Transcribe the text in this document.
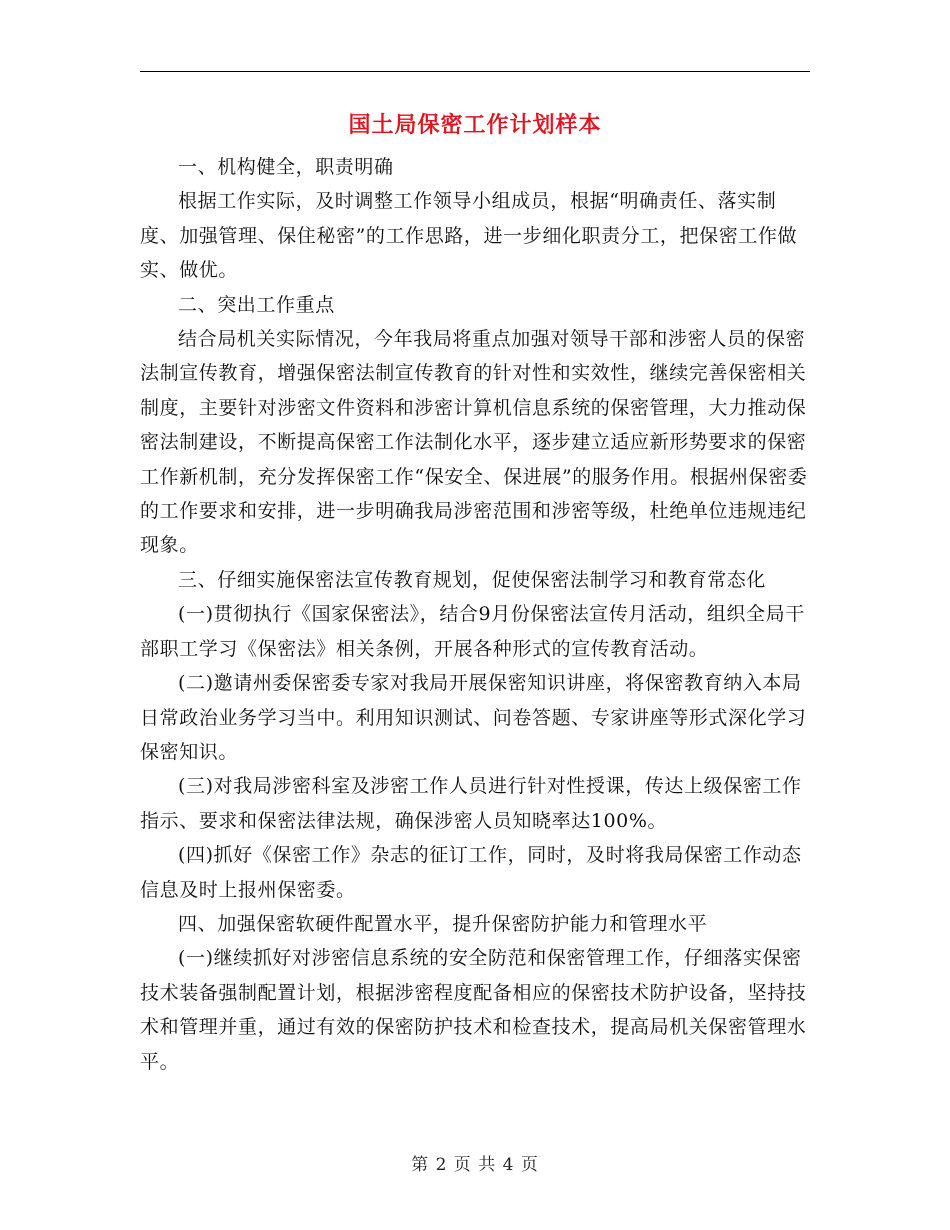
国土局保密工作计划样本

一、机构健全，职责明确

根据工作实际，及时调整工作领导小组成员，根据“明确责任、落实制度、加强管理、保住秘密”的工作思路，进一步细化职责分工，把保密工作做实、做优。

二、突出工作重点

结合局机关实际情况，今年我局将重点加强对领导干部和涉密人员的保密法制宣传教育，增强保密法制宣传教育的针对性和实效性，继续完善保密相关制度，主要针对涉密文件资料和涉密计算机信息系统的保密管理，大力推动保密法制建设，不断提高保密工作法制化水平，逐步建立适应新形势要求的保密工作新机制，充分发挥保密工作“保安全、保进展”的服务作用。根据州保密委的工作要求和安排，进一步明确我局涉密范围和涉密等级，杜绝单位违规违纪现象。

三、仔细实施保密法宣传教育规划，促使保密法制学习和教育常态化

(一)贯彻执行《国家保密法》，结合9月份保密法宣传月活动，组织全局干部职工学习《保密法》相关条例，开展各种形式的宣传教育活动。

(二)邀请州委保密委专家对我局开展保密知识讲座，将保密教育纳入本局日常政治业务学习当中。利用知识测试、问卷答题、专家讲座等形式深化学习保密知识。

(三)对我局涉密科室及涉密工作人员进行针对性授课，传达上级保密工作指示、要求和保密法律法规，确保涉密人员知晓率达100%。

(四)抓好《保密工作》杂志的征订工作，同时，及时将我局保密工作动态信息及时上报州保密委。

四、加强保密软硬件配置水平，提升保密防护能力和管理水平

(一)继续抓好对涉密信息系统的安全防范和保密管理工作，仔细落实保密技术装备强制配置计划，根据涉密程度配备相应的保密技术防护设备，坚持技术和管理并重，通过有效的保密防护技术和检查技术，提高局机关保密管理水平。

第 2 页 共 4 页
